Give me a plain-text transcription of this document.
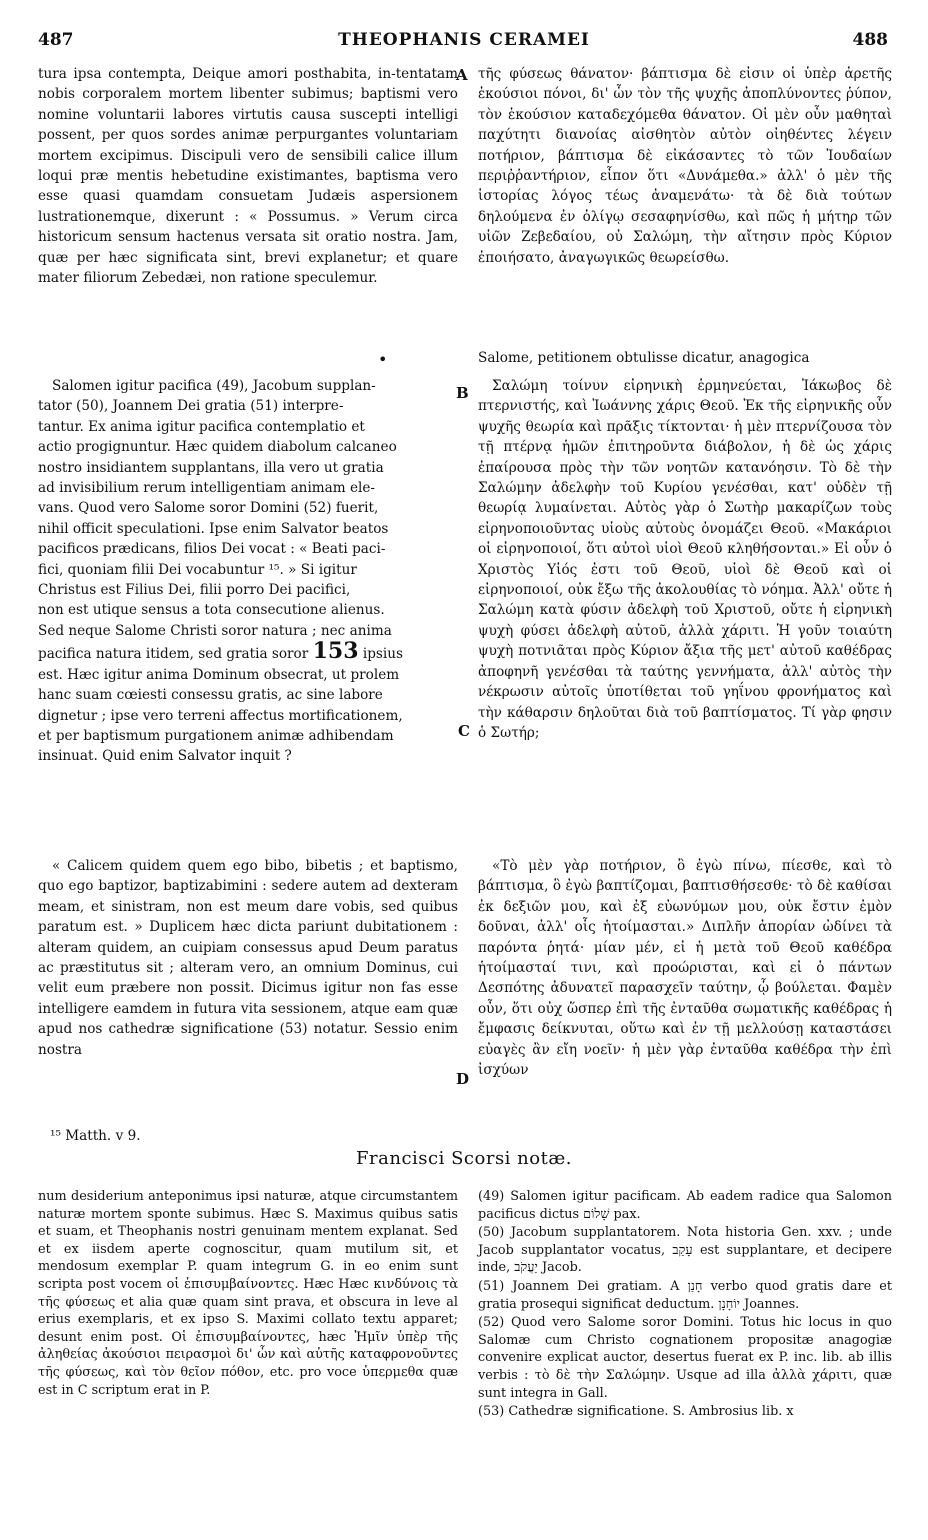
487	THEOPHANIS CERAMEI	488

tura ipsa contempta, Deique amori posthabita, in-tentatam nobis corporalem mortem libenter subimus; baptismi vero nomine voluntarii labores virtutis causa suscepti intelligi possent, per quos sordes animæ perpurgantes voluntariam mortem excipimus. Discipuli vero de sensibili calice illum loqui præ mentis hebetudine existimantes, baptisma vero esse quasi quamdam consuetam Judæis aspersionem lustrationemque, dixerunt : « Possumus. » Verum circa historicum sensum hactenus versata sit oratio nostra. Jam, quæ per hæc significata sint, brevi explanetur; et quare mater filiorum Zebedæi, non ratione speculemur.

•
Salomen igitur pacifica (49), Jacobum supplan-
tator (50), Joannem Dei gratia (51) interpre-
tantur. Ex anima igitur pacifica contemplatio et
actio progignuntur. Hæc quidem diabolum calcaneo
nostro insidiantem supplantans, illa vero ut gratia
ad invisibilium rerum intelligentiam animam ele-
vans. Quod vero Salome soror Domini (52) fuerit,
nihil officit speculationi. Ipse enim Salvator beatos
pacificos prædicans, filios Dei vocat : « Beati paci-
fici, quoniam filii Dei vocabuntur ¹⁵. » Si igitur
Christus est Filius Dei, filii porro Dei pacifici,
non est utique sensus a tota consecutione alienus.
Sed neque Salome Christi soror natura ; nec anima
pacifica natura itidem, sed gratia soror 153 ipsius
est. Hæc igitur anima Dominum obsecrat, ut prolem
hanc suam cœiesti consessu gratis, ac sine labore
dignetur ; ipse vero terreni affectus mortificationem,
et per baptismum purgationem animæ adhibendam
insinuat. Quid enim Salvator inquit ?

« Calicem quidem quem ego bibo, bibetis ; et baptismo, quo ego baptizor, baptizabimini : sedere autem ad dexteram meam, et sinistram, non est meum dare vobis, sed quibus paratum est. » Duplicem hæc dicta pariunt dubitationem : alteram quidem, an cuipiam consessus apud Deum paratus ac præstitutus sit ; alteram vero, an omnium Dominus, cui velit eum præbere non possit. Dicimus igitur non fas esse intelligere eamdem in futura vita sessionem, atque eam quæ apud nos cathedræ significatione (53) notatur. Sessio enim nostra

A
B
C
D

τῆς φύσεως θάνατον· βάπτισμα δὲ εἰσιν οἱ ὑπὲρ ἀρετῆς ἑκούσιοι πόνοι, δι' ὧν τὸν τῆς ψυχῆς ἀποπλύνοντες ῥύπον, τὸν ἑκούσιον καταδεχόμεθα θάνατον. Οἱ μὲν οὖν μαθηταὶ παχύτητι διανοίας αἰσθητὸν αὐτὸν οἰηθέντες λέγειν ποτήριον, βάπτισμα δὲ εἰκάσαντες τὸ τῶν Ἰουδαίων περιῤῥαντήριον, εἶπον ὅτι «Δυνάμεθα.» ἀλλ' ὁ μὲν τῆς ἱστορίας λόγος τέως ἀναμενάτω· τὰ δὲ διὰ τούτων δηλούμενα ἐν ὀλίγῳ σεσαφηνίσθω, καὶ πῶς ἡ μήτηρ τῶν υἱῶν Ζεβεδαίου, οὐ Σαλώμη, τὴν αἴτησιν πρὸς Κύριον ἐποιήσατο, ἀναγωγικῶς θεωρείσθω.

Salome, petitionem obtulisse dicatur, anagogica

Σαλώμη τοίνυν εἰρηνικὴ ἑρμηνεύεται, Ἰάκωβος δὲ πτερνιστής, καὶ Ἰωάννης χάρις Θεοῦ. Ἐκ τῆς εἰρηνικῆς οὖν ψυχῆς θεωρία καὶ πρᾶξις τίκτονται· ἡ μὲν πτερνίζουσα τὸν τῇ πτέρνᾳ ἡμῶν ἐπιτηροῦντα διάβολον, ἡ δὲ ὡς χάρις ἐπαίρουσα πρὸς τὴν τῶν νοητῶν κατανόησιν. Τὸ δὲ τὴν Σαλώμην ἀδελφὴν τοῦ Κυρίου γενέσθαι, κατ' οὐδὲν τῇ θεωρίᾳ λυμαίνεται. Αὐτὸς γὰρ ὁ Σωτὴρ μακαρίζων τοὺς εἰρηνοποιοῦντας υἱοὺς αὐτοὺς ὀνομάζει Θεοῦ. «Μακάριοι οἱ εἰρηνοποιοί, ὅτι αὐτοὶ υἱοὶ Θεοῦ κληθήσονται.» Εἰ οὖν ὁ Χριστὸς Υἱός ἐστι τοῦ Θεοῦ, υἱοὶ δὲ Θεοῦ καὶ οἱ εἰρηνοποιοί, οὐκ ἔξω τῆς ἀκολουθίας τὸ νόημα. Ἀλλ' οὔτε ἡ Σαλώμη κατὰ φύσιν ἀδελφὴ τοῦ Χριστοῦ, οὔτε ἡ εἰρηνικὴ ψυχὴ φύσει ἀδελφὴ αὐτοῦ, ἀλλὰ χάριτι. Ἡ γοῦν τοιαύτη ψυχὴ ποτνιᾶται πρὸς Κύριον ἄξια τῆς μετ' αὐτοῦ καθέδρας ἀποφηνῆ γενέσθαι τὰ ταύτης γεννήματα, ἀλλ' αὐτὸς τὴν νέκρωσιν αὐτοῖς ὑποτίθεται τοῦ γηΐνου φρονήματος καὶ τὴν κάθαρσιν δηλοῦται διὰ τοῦ βαπτίσματος. Τί γὰρ φησιν ὁ Σωτήρ;

«Τὸ μὲν γὰρ ποτήριον, ὃ ἐγὼ πίνω, πίεσθε, καὶ τὸ βάπτισμα, ὃ ἐγὼ βαπτίζομαι, βαπτισθήσεσθε· τὸ δὲ καθίσαι ἐκ δεξιῶν μου, καὶ ἐξ εὐωνύμων μου, οὐκ ἔστιν ἐμὸν δοῦναι, ἀλλ' οἷς ἡτοίμασται.» Διπλῆν ἀπορίαν ὠδίνει τὰ παρόντα ῥητά· μίαν μέν, εἰ ἡ μετὰ τοῦ Θεοῦ καθέδρα ἡτοίμασταί τινι, καὶ προώρισται, καὶ εἰ ὁ πάντων Δεσπότης ἀδυνατεῖ παρασχεῖν ταύτην, ᾧ βούλεται. Φαμὲν οὖν, ὅτι οὐχ ὥσπερ ἐπὶ τῆς ἐνταῦθα σωματικῆς καθέδρας ἡ ἔμφασις δείκνυται, οὕτω καὶ ἐν τῇ μελλούσῃ καταστάσει εὐαγὲς ἂν εἴη νοεῖν· ἡ μὲν γὰρ ἐνταῦθα καθέδρα τὴν ἐπὶ ἰσχύων

¹⁵ Matth. v 9.
Francisci Scorsi notæ.

num desiderium anteponimus ipsi naturæ, atque circumstantem naturæ mortem sponte subimus. Hæc S. Maximus quibus satis et suam, et Theophanis nostri genuinam mentem explanat. Sed et ex iisdem aperte cognoscitur, quam mutilum sit, et mendosum exemplar P. quam integrum G. in eo enim sunt scripta post vocem οἱ ἐπισυμβαίνοντες. Hæc Hæc κινδύνοις τὰ τῆς φύσεως et alia quæ quam sint prava, et obscura in leve al erius exemplaris, et ex ipso S. Maximi collato textu apparet; desunt enim post. Οἱ ἐπισυμβαίνοντες, hæc Ἡμῖν ὑπὲρ τῆς ἀληθείας ἀκούσιοι πειρασμοὶ δι' ὧν καὶ αὐτῆς καταφρονοῦντες τῆς φύσεως, καὶ τὸν θεῖον πόθον, etc. pro voce ὑπερμεθα quæ est in C scriptum erat in P.

(49) Salomen igitur pacificam. Ab eadem radice qua Salomon pacificus dictus שָׁלוֹם pax.

(50) Jacobum supplantatorem. Nota historia Gen. xxv. ; unde Jacob supplantator vocatus, עָקַב est supplantare, et decipere inde, יַעֲקֹב Jacob.

(51) Joannem Dei gratiam. A חָנַן verbo quod gratis dare et gratia prosequi significat deductum. יוֹחָנָן Joannes.

(52) Quod vero Salome soror Domini. Totus hic locus in quo Salomæ cum Christo cognationem propositæ anagogiæ convenire explicat auctor, desertus fuerat ex P. inc. lib. ab illis verbis : τὸ δὲ τὴν Σαλώμην. Usque ad illa ἀλλὰ χάριτι, quæ sunt integra in Gall.

(53) Cathedræ significatione. S. Ambrosius lib. x
